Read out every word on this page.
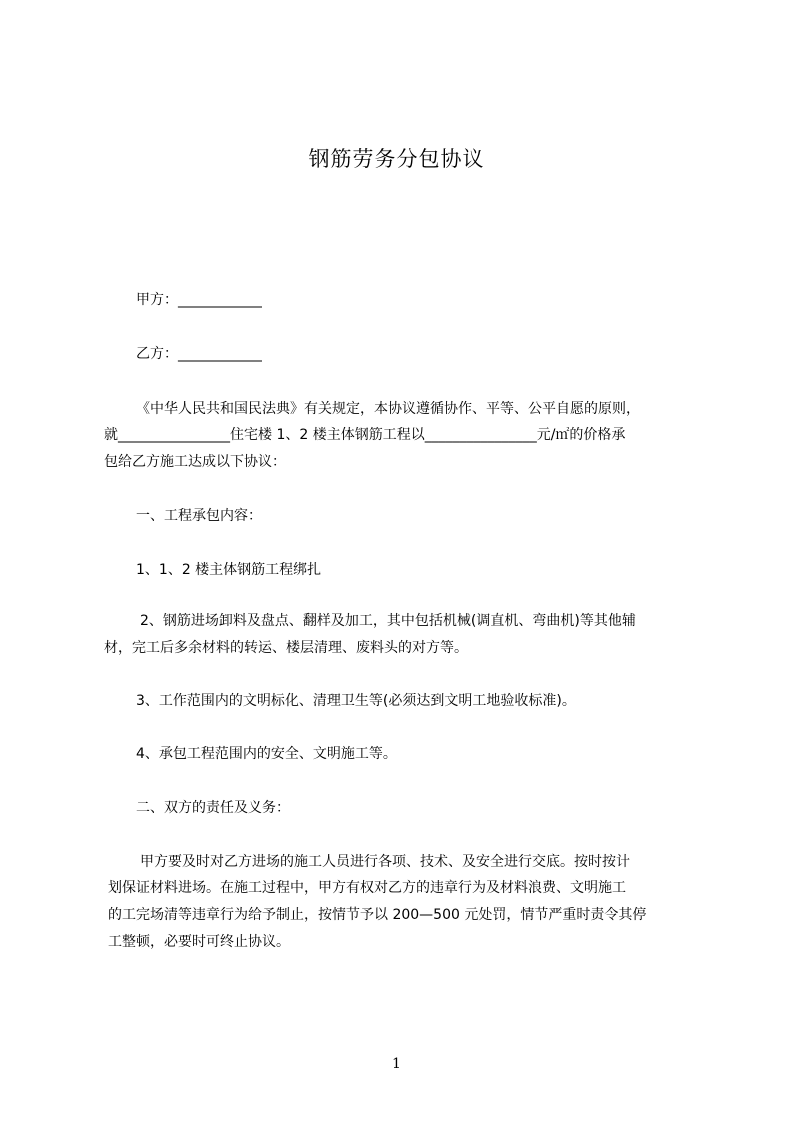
钢筋劳务分包协议
甲方：____________
乙方：____________
《中华人民共和国民法典》有关规定，本协议遵循协作、平等、公平自愿的原则，
就________________住宅楼 1、2 楼主体钢筋工程以________________元/㎡的价格承
包给乙方施工达成以下协议：
一、工程承包内容：
1、1、2 楼主体钢筋工程绑扎
2、钢筋进场卸料及盘点、翻样及加工，其中包括机械(调直机、弯曲机)等其他辅
材，完工后多余材料的转运、楼层清理、废料头的对方等。
3、工作范围内的文明标化、清理卫生等(必须达到文明工地验收标准)。
4、承包工程范围内的安全、文明施工等。
二、双方的责任及义务：
甲方要及时对乙方进场的施工人员进行各项、技术、及安全进行交底。按时按计
划保证材料进场。在施工过程中，甲方有权对乙方的违章行为及材料浪费、文明施工
的工完场清等违章行为给予制止，按情节予以 200—500 元处罚，情节严重时责令其停
工整顿，必要时可终止协议。
1
